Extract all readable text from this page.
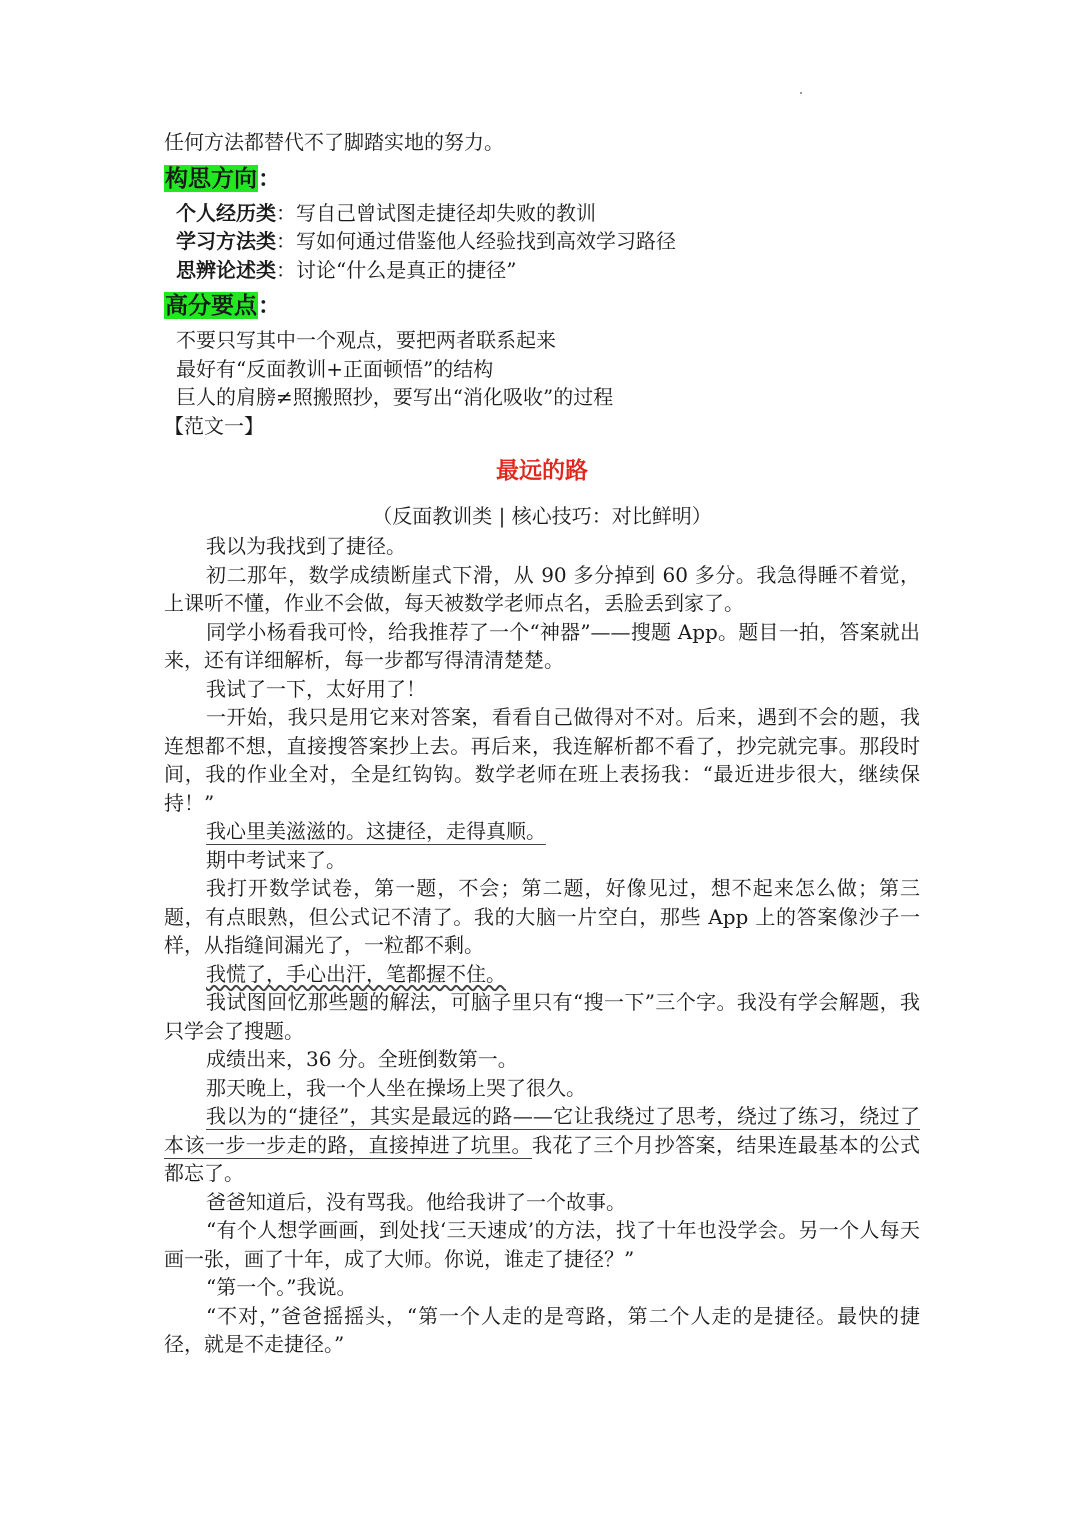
任何方法都替代不了脚踏实地的努力。

构思方向：

个人经历类：写自己曾试图走捷径却失败的教训

学习方法类：写如何通过借鉴他人经验找到高效学习路径

思辨论述类：讨论“什么是真正的捷径”

高分要点：

不要只写其中一个观点，要把两者联系起来

最好有“反面教训+正面顿悟”的结构

巨人的肩膀≠照搬照抄，要写出“消化吸收”的过程

【范文一】

最远的路

（反面教训类 | 核心技巧：对比鲜明）

我以为我找到了捷径。

初二那年，数学成绩断崖式下滑，从 90 多分掉到 60 多分。我急得睡不着觉，上课听不懂，作业不会做，每天被数学老师点名，丢脸丢到家了。

同学小杨看我可怜，给我推荐了一个“神器”——搜题 App。题目一拍，答案就出来，还有详细解析，每一步都写得清清楚楚。

我试了一下，太好用了！

一开始，我只是用它来对答案，看看自己做得对不对。后来，遇到不会的题，我连想都不想，直接搜答案抄上去。再后来，我连解析都不看了，抄完就完事。那段时间，我的作业全对，全是红钩钩。数学老师在班上表扬我：“最近进步很大，继续保持！”

我心里美滋滋的。这捷径，走得真顺。

期中考试来了。

我打开数学试卷，第一题，不会；第二题，好像见过，想不起来怎么做；第三题，有点眼熟，但公式记不清了。我的大脑一片空白，那些 App 上的答案像沙子一样，从指缝间漏光了，一粒都不剩。

我慌了，手心出汗，笔都握不住。

我试图回忆那些题的解法，可脑子里只有“搜一下”三个字。我没有学会解题，我只学会了搜题。

成绩出来，36 分。全班倒数第一。

那天晚上，我一个人坐在操场上哭了很久。

我以为的“捷径”，其实是最远的路——它让我绕过了思考，绕过了练习，绕过了本该一步一步走的路，直接掉进了坑里。我花了三个月抄答案，结果连最基本的公式都忘了。

爸爸知道后，没有骂我。他给我讲了一个故事。

“有个人想学画画，到处找‘三天速成’的方法，找了十年也没学会。另一个人每天画一张，画了十年，成了大师。你说，谁走了捷径？”

“第一个。”我说。

“不对，”爸爸摇摇头，“第一个人走的是弯路，第二个人走的是捷径。最快的捷径，就是不走捷径。”
